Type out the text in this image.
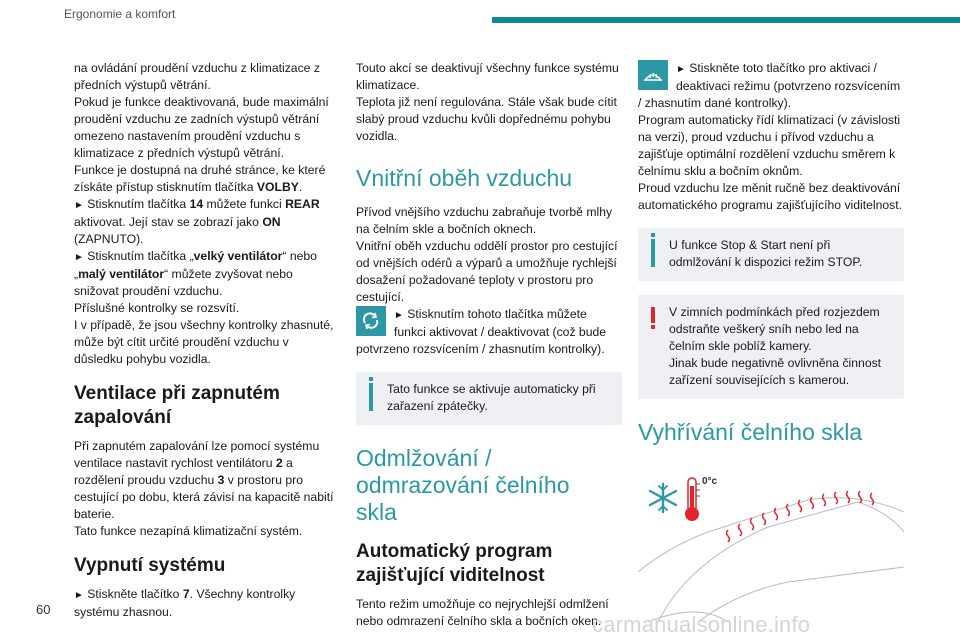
Ergonomie a komfort

na ovládání proudění vzduchu z klimatizace z předních výstupů větrání.

Pokud je funkce deaktivovaná, bude maximální proudění vzduchu ze zadních výstupů větrání omezeno nastavením proudění vzduchu s klimatizace z předních výstupů větrání.

Funkce je dostupná na druhé stránce, ke které získáte přístup stisknutím tlačítka VOLBY.

► Stisknutím tlačítka 14 můžete funkci REAR aktivovat. Její stav se zobrazí jako ON (ZAPNUTO).

► Stisknutím tlačítka „velký ventilátor“ nebo „malý ventilátor“ můžete zvyšovat nebo snižovat proudění vzduchu.

Příslušné kontrolky se rozsvítí.

I v případě, že jsou všechny kontrolky zhasnuté, může být cítit určité proudění vzduchu v důsledku pohybu vozidla.

Ventilace při zapnutém zapalování

Při zapnutém zapalování lze pomocí systému ventilace nastavit rychlost ventilátoru 2 a rozdělení proudu vzduchu 3 v prostoru pro cestující po dobu, která závisí na kapacitě nabití baterie.

Tato funkce nezapíná klimatizační systém.

Vypnutí systému

► Stiskněte tlačítko 7. Všechny kontrolky systému zhasnou.

Touto akcí se deaktivují všechny funkce systému klimatizace.

Teplota již není regulována. Stále však bude cítit slabý proud vzduchu kvůli dopřednému pohybu vozidla.

Vnitřní oběh vzduchu

Přívod vnějšího vzduchu zabraňuje tvorbě mlhy na čelním skle a bočních oknech.

Vnitřní oběh vzduchu oddělí prostor pro cestující od vnějších odérů a výparů a umožňuje rychlejší dosažení požadované teploty v prostoru pro cestující.

► Stisknutím tohoto tlačítka můžete funkci aktivovat / deaktivovat (což bude potvrzeno rozsvícením / zhasnutím kontrolky).

Tato funkce se aktivuje automaticky při zařazení zpátečky.
Odmlžování / odmrazování čelního skla
Automatický program zajišťující viditelnost

Tento režim umožňuje co nejrychlejší odmlžení nebo odmrazení čelního skla a bočních oken.

► Stiskněte toto tlačítko pro aktivaci / deaktivaci režimu (potvrzeno rozsvícením / zhasnutím dané kontrolky).

Program automaticky řídí klimatizaci (v závislosti na verzi), proud vzduchu i přívod vzduchu a zajišťuje optimální rozdělení vzduchu směrem k čelnímu sklu a bočním oknům.

Proud vzduchu lze měnit ručně bez deaktivování automatického programu zajišťujícího viditelnost.

U funkce Stop & Start není při odmlžování k dispozici režim STOP.

V zimních podmínkách před rozjezdem odstraňte veškerý sníh nebo led na čelním skle poblíž kamery.

Jinak bude negativně ovlivněna činnost zařízení souvisejících s kamerou.

Vyhřívání čelního skla
0°c
60
carmanualsonline.info
